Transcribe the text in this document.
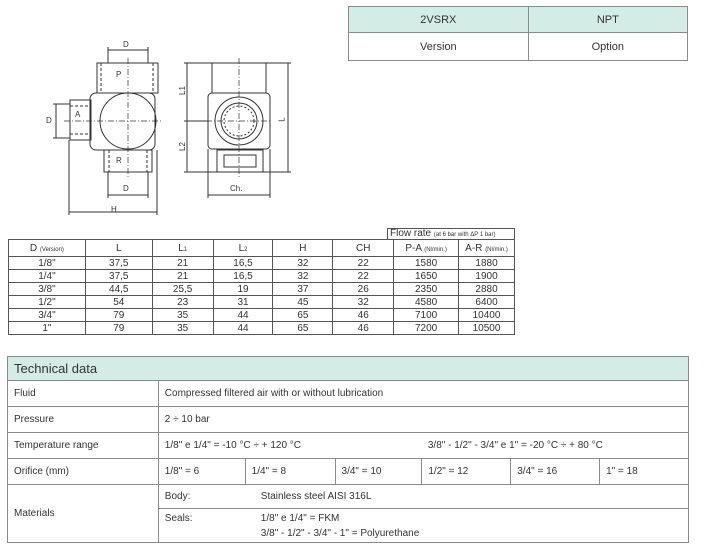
2VSRX	NPT
Version	Option
D
P
D
A
R
D
H
L1
L2
L
Ch.
Flow rate (at 6 bar with ΔP 1 bar)
D (Version)	L	L1	L2	H	CH	P-A (Nl/min.)	A-R (Nl/min.)
1/8"	37,5	21	16,5	32	22	1580	1880
1/4"	37,5	21	16,5	32	22	1650	1900
3/8"	44,5	25,5	19	37	26	2350	2880
1/2"	54	23	31	45	32	4580	6400
3/4"	79	35	44	65	46	7100	10400
1"	79	35	44	65	46	7200	10500
Technical data						
Fluid	Compressed filtered air with or without lubrication					
Pressure	2 ÷ 10 bar					
Temperature range	1/8" e 1/4" = -10 °C ÷ + 120 °C			3/8" - 1/2" - 3/4" e 1" = -20 °C ÷ + 80 °C		
Orifice (mm)	1/8" = 6	1/4" = 8	3/4" = 10	1/2" = 12	3/4" = 16	1" = 18
Materials	Body: Stainless steel AISI 316L					

	Seals: 1/8" e 1/4" = FKM
3/8" - 1/2" - 3/4" - 1" = Polyurethane					
